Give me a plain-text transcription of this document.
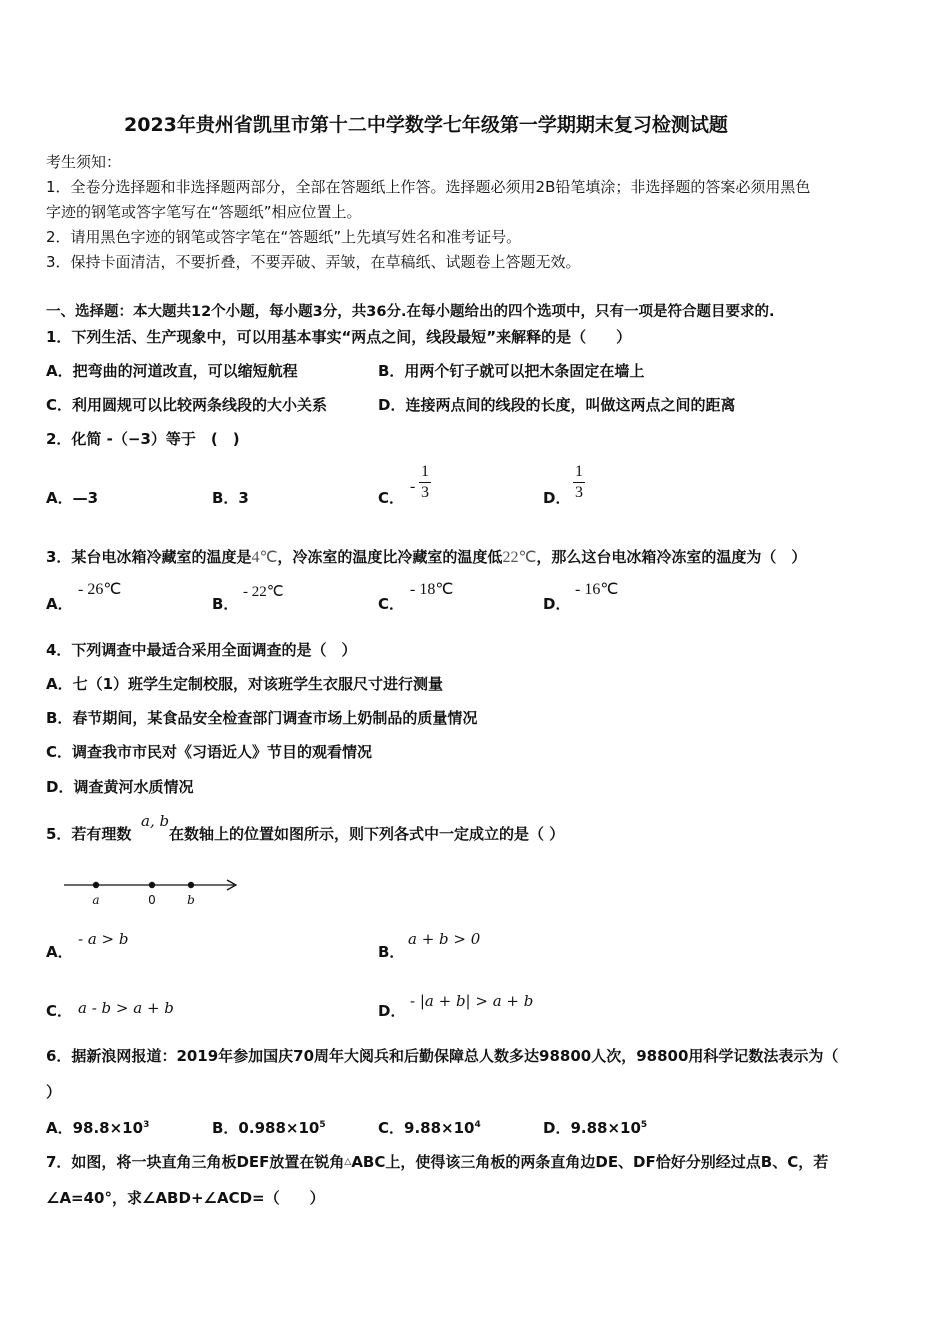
2023年贵州省凯里市第十二中学数学七年级第一学期期末复习检测试题
考生须知：
1．全卷分选择题和非选择题两部分，全部在答题纸上作答。选择题必须用2B铅笔填涂；非选择题的答案必须用黑色
字迹的钢笔或答字笔写在“答题纸”相应位置上。
2．请用黑色字迹的钢笔或答字笔在“答题纸”上先填写姓名和准考证号。
3．保持卡面清洁，不要折叠，不要弄破、弄皱，在草稿纸、试题卷上答题无效。
一、选择题：本大题共12个小题，每小题3分，共36分.在每小题给出的四个选项中，只有一项是符合题目要求的.
1．下列生活、生产现象中，可以用基本事实“两点之间，线段最短”来解释的是（　　）
A．把弯曲的河道改直，可以缩短航程	B．用两个钉子就可以把木条固定在墙上
C．利用圆规可以比较两条线段的大小关系	D．连接两点间的线段的长度，叫做这两点之间的距离
2．化简 -（−3）等于　(　)
A．—3	B．3	C．
-
1
3	D．
1
3
3．某台电冰箱冷藏室的温度是4℃，冷冻室的温度比冷藏室的温度低22℃，那么这台电冰箱冷冻室的温度为（　）
A．
- 26℃
B．
- 22℃
C．
- 18℃
D．
- 16℃
4．下列调查中最适合采用全面调查的是（　）
A．七（1）班学生定制校服，对该班学生衣服尺寸进行测量
B．春节期间，某食品安全检查部门调查市场上奶制品的质量情况
C．调查我市市民对《习语近人》节目的观看情况
D．调查黄河水质情况
5．若有理数
a, b
在数轴上的位置如图所示，则下列各式中一定成立的是（ ）
a	0	b
A．
- a > b
B．
a + b > 0
C． a - b > a + b	D．
- |a + b| > a + b
6．据新浪网报道：2019年参加国庆70周年大阅兵和后勤保障总人数多达98800人次，98800用科学记数法表示为（
）
A．$98.8\times 10^3$	B．$0.988\times 10^5$	C．$9.88\times 10^4$	D．$9.88\times 10^5$
7．如图，将一块直角三角板DEF放置在锐角△ABC上，使得该三角板的两条直角边DE、DF恰好分别经过点B、C，若
∠A=40°，求∠ABD+∠ACD=（　　）
